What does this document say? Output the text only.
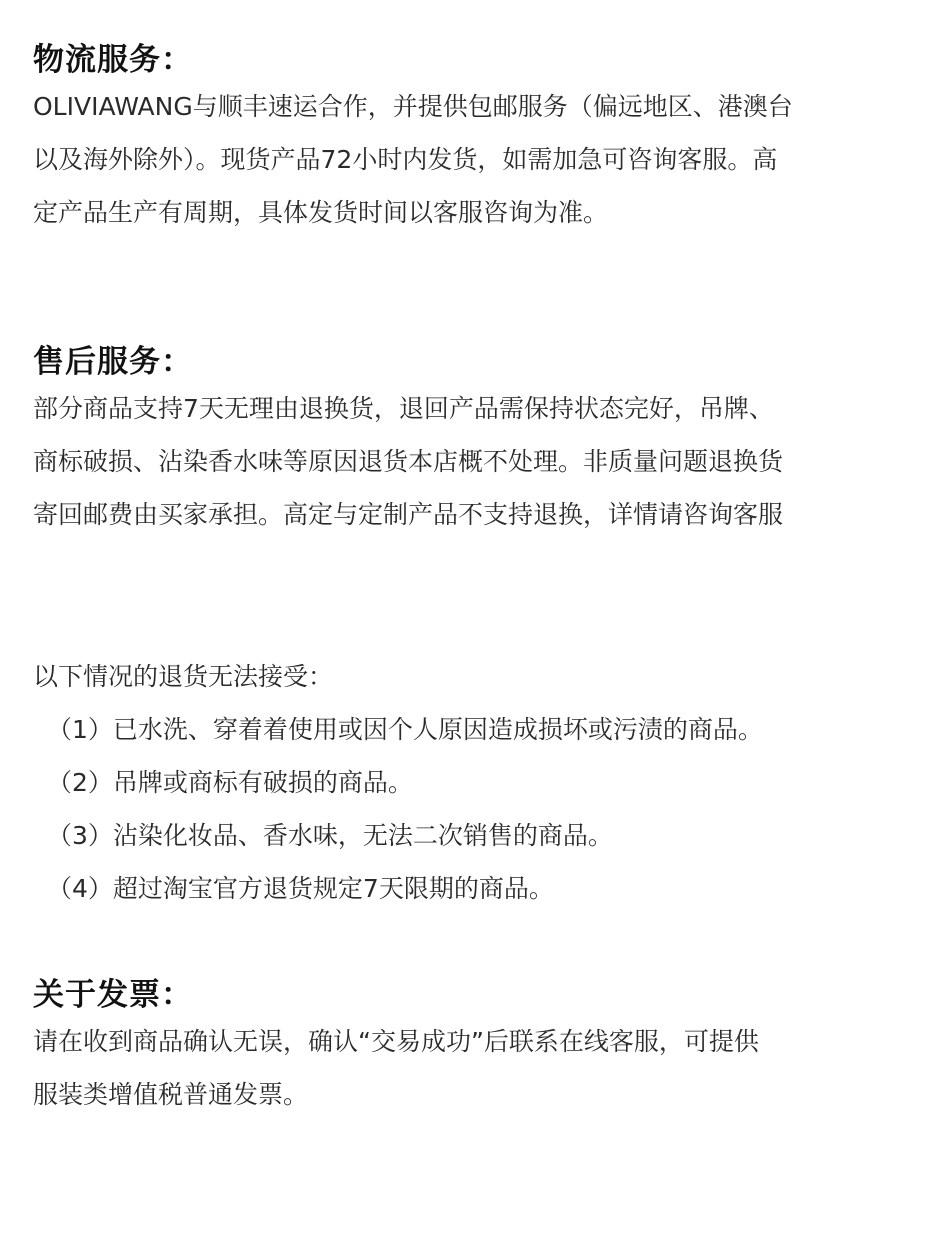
物流服务：
OLIVIAWANG与顺丰速运合作，并提供包邮服务（偏远地区、港澳台
以及海外除外）。现货产品72小时内发货，如需加急可咨询客服。高
定产品生产有周期，具体发货时间以客服咨询为准。
售后服务：
部分商品支持7天无理由退换货，退回产品需保持状态完好，吊牌、
商标破损、沾染香水味等原因退货本店概不处理。非质量问题退换货
寄回邮费由买家承担。高定与定制产品不支持退换，详情请咨询客服
以下情况的退货无法接受：
（1）已水洗、穿着着使用或因个人原因造成损坏或污渍的商品。
（2）吊牌或商标有破损的商品。
（3）沾染化妆品、香水味，无法二次销售的商品。
（4）超过淘宝官方退货规定7天限期的商品。
关于发票：
请在收到商品确认无误，确认“交易成功”后联系在线客服，可提供
服装类增值税普通发票。
